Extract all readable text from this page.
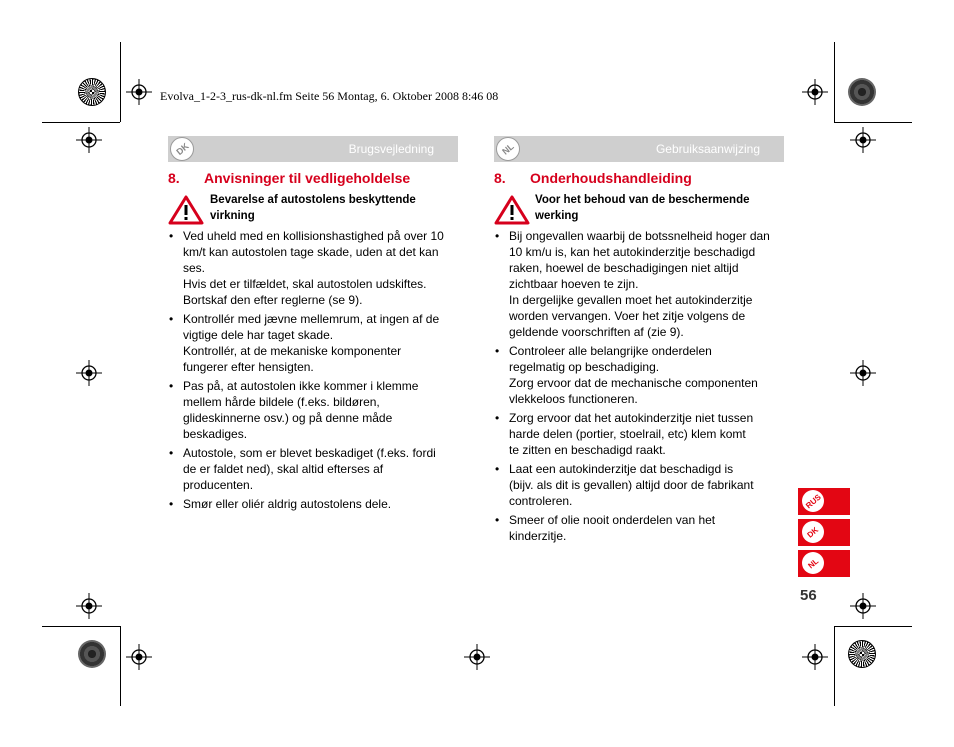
Evolva_1-2-3_rus-dk-nl.fm Seite 56 Montag, 6. Oktober 2008 8:46 08
Brugsvejledning
DK	Gebruiksaanwijzing
NL
8. Anvisninger til vedligeholdelse
Bevarelse af autostolens beskyttende
virkning
• Ved uheld med en kollisionshastighed på over 10
km/t kan autostolen tage skade, uden at det kan
ses.
Hvis det er tilfældet, skal autostolen udskiftes.
Bortskaf den efter reglerne (se 9).
• Kontrollér med jævne mellemrum, at ingen af de
vigtige dele har taget skade.
Kontrollér, at de mekaniske komponenter
fungerer efter hensigten.
• Pas på, at autostolen ikke kommer i klemme
mellem hårde bildele (f.eks. bildøren,
glideskinnerne osv.) og på denne måde
beskadiges.
• Autostole, som er blevet beskadiget (f.eks. fordi
de er faldet ned), skal altid efterses af
producenten.
• Smør eller oliér aldrig autostolens dele.
8. Onderhoudshandleiding
Voor het behoud van de beschermende
werking
• Bij ongevallen waarbij de botssnelheid hoger dan
10 km/u is, kan het autokinderzitje beschadigd
raken, hoewel de beschadigingen niet altijd
zichtbaar hoeven te zijn.
In dergelijke gevallen moet het autokinderzitje
worden vervangen. Voer het zitje volgens de
geldende voorschriften af (zie 9).
• Controleer alle belangrijke onderdelen
regelmatig op beschadiging.
Zorg ervoor dat de mechanische componenten
vlekkeloos functioneren.
• Zorg ervoor dat het autokinderzitje niet tussen
harde delen (portier, stoelrail, etc) klem komt
te zitten en beschadigd raakt.
• Laat een autokinderzitje dat beschadigd is
(bijv. als dit is gevallen) altijd door de fabrikant
controleren.
• Smeer of olie nooit onderdelen van het
kinderzitje.
RUS
DK
NL
56
